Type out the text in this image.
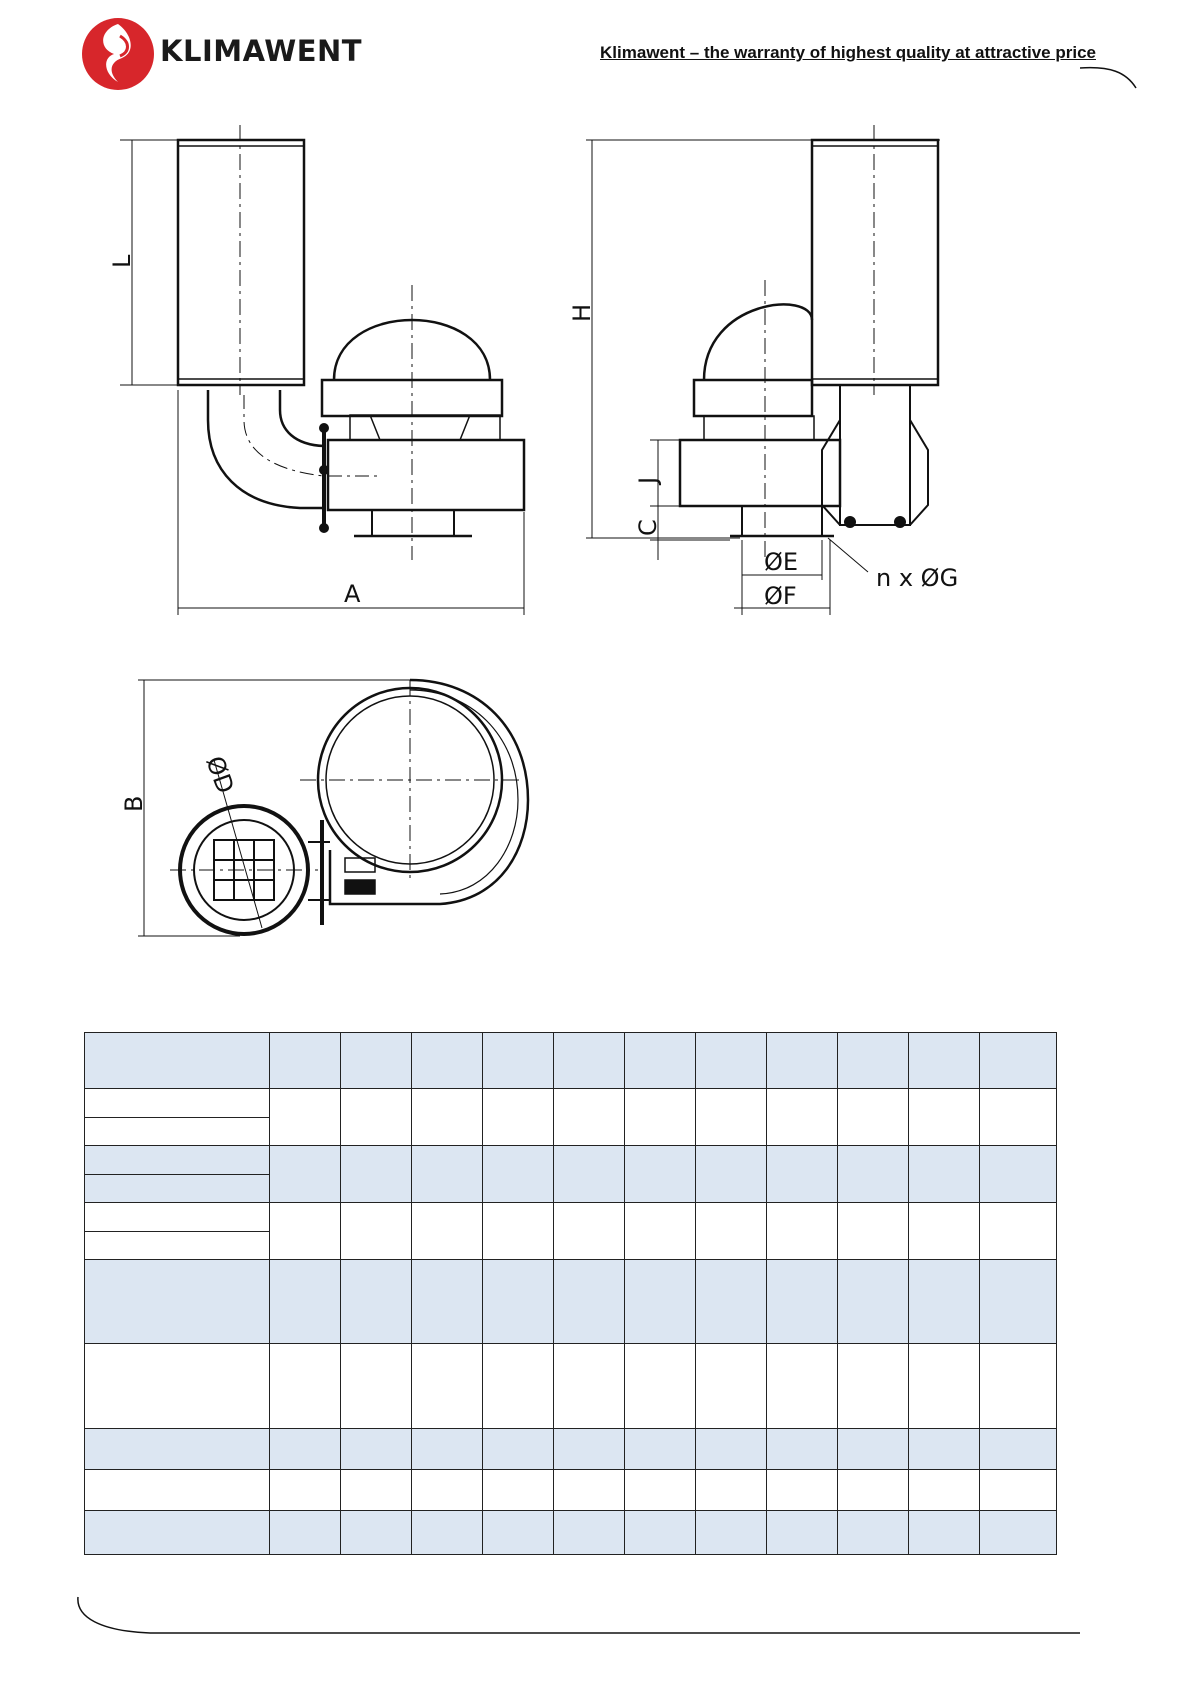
KLIMAWENT	Klimawent – the warranty of highest quality at attractive price
L
H
A
B
J
C
ØD
ØE
ØF
n x ØG
